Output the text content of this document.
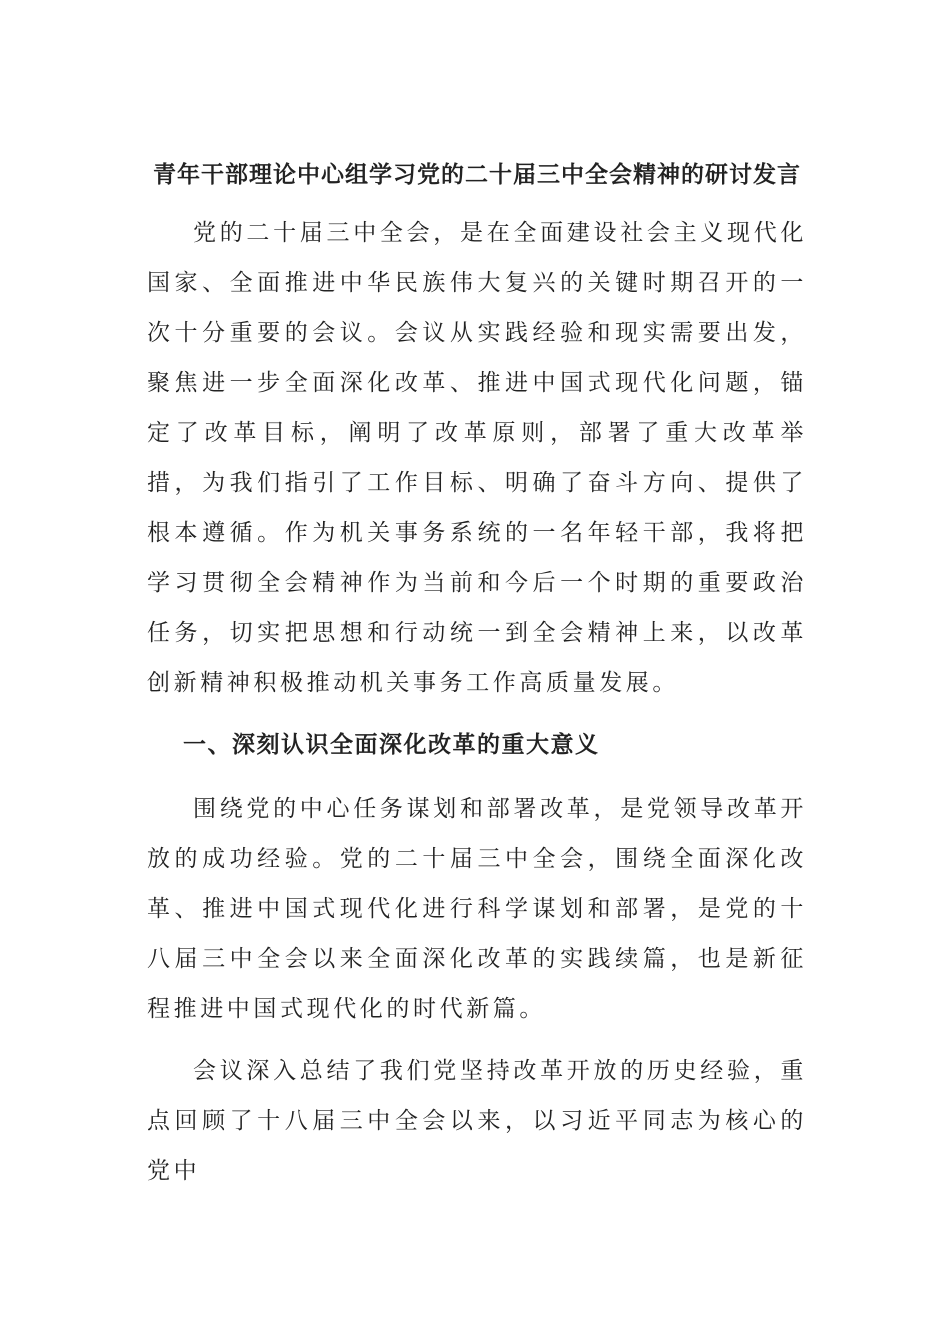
青年干部理论中心组学习党的二十届三中全会精神的研讨发言

党的二十届三中全会，是在全面建设社会主义现代化国家、全面推进中华民族伟大复兴的关键时期召开的一次十分重要的会议。会议从实践经验和现实需要出发，聚焦进一步全面深化改革、推进中国式现代化问题，锚定了改革目标，阐明了改革原则，部署了重大改革举措，为我们指引了工作目标、明确了奋斗方向、提供了根本遵循。作为机关事务系统的一名年轻干部，我将把学习贯彻全会精神作为当前和今后一个时期的重要政治任务，切实把思想和行动统一到全会精神上来，以改革创新精神积极推动机关事务工作高质量发展。

一、深刻认识全面深化改革的重大意义

围绕党的中心任务谋划和部署改革，是党领导改革开放的成功经验。党的二十届三中全会，围绕全面深化改革、推进中国式现代化进行科学谋划和部署，是党的十八届三中全会以来全面深化改革的实践续篇，也是新征程推进中国式现代化的时代新篇。

会议深入总结了我们党坚持改革开放的历史经验，重点回顾了十八届三中全会以来，以习近平同志为核心的党中
